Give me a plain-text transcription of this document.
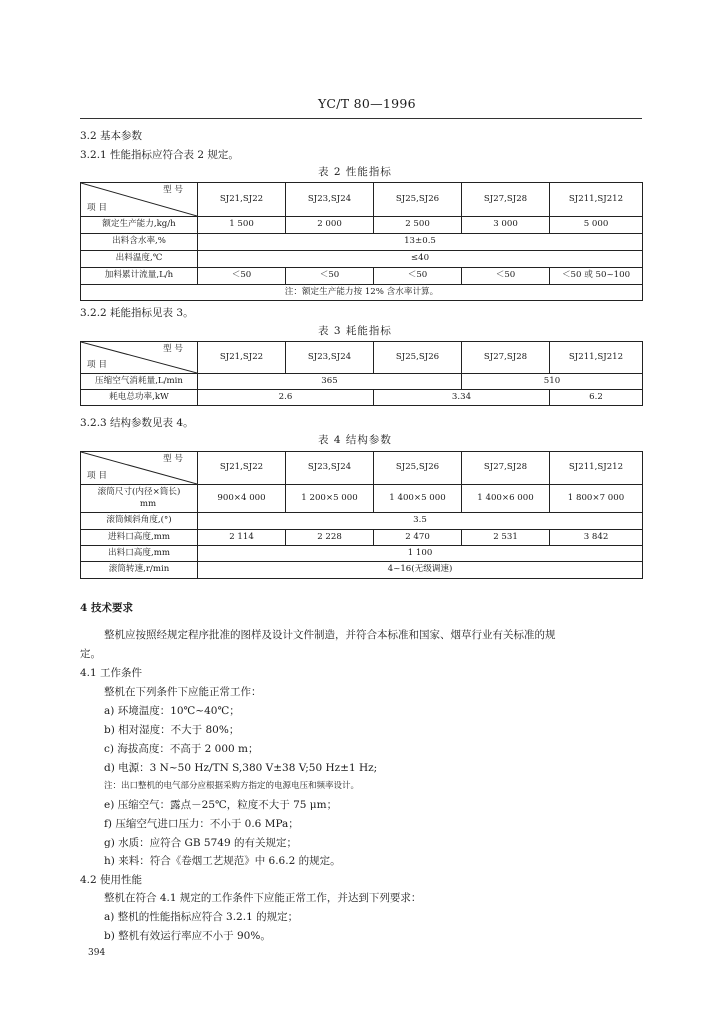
YC/T 80—1996
3.2 基本参数
3.2.1 性能指标应符合表 2 规定。
表 2 性能指标
型 号
项 目	SJ21,SJ22	SJ23,SJ24	SJ25,SJ26	SJ27,SJ28	SJ211,SJ212
额定生产能力,kg/h	1 500	2 000	2 500	3 000	5 000
出料含水率,%	13±0.5				
出料温度,℃	≤40				
加料累计流量,L/h	＜50	＜50	＜50	＜50	＜50 或 50~100
注：额定生产能力按 12% 含水率计算。					
3.2.2 耗能指标见表 3。
表 3 耗能指标
型 号
项 目	SJ21,SJ22	SJ23,SJ24	SJ25,SJ26	SJ27,SJ28	SJ211,SJ212
压缩空气消耗量,L/min	365			510	
耗电总功率,kW	2.6		3.34		6.2
3.2.3 结构参数见表 4。
表 4 结构参数
型 号
项 目	SJ21,SJ22	SJ23,SJ24	SJ25,SJ26	SJ27,SJ28	SJ211,SJ212

滚筒尺寸(内径×筒长)
mm	900×4 000	1 200×5 000	1 400×5 000	1 400×6 000	1 800×7 000
滚筒倾斜角度,(°)	3.5				
进料口高度,mm	2 114	2 228	2 470	2 531	3 842
出料口高度,mm	1 100				
滚筒转速,r/min	4~16(无级调速)				
4 技术要求
整机应按照经规定程序批准的图样及设计文件制造，并符合本标准和国家、烟草行业有关标准的规
定。
4.1 工作条件
整机在下列条件下应能正常工作：
a) 环境温度：10℃~40℃；
b) 相对湿度：不大于 80%；
c) 海拔高度：不高于 2 000 m；
d) 电源：3 N~50 Hz/TN S,380 V±38 V;50 Hz±1 Hz;
注：出口整机的电气部分应根据采购方指定的电源电压和频率设计。
e) 压缩空气：露点－25℃，粒度不大于 75 μm；
f) 压缩空气进口压力：不小于 0.6 MPa；
g) 水质：应符合 GB 5749 的有关规定；
h) 来料：符合《卷烟工艺规范》中 6.6.2 的规定。
4.2 使用性能
整机在符合 4.1 规定的工作条件下应能正常工作，并达到下列要求：
a) 整机的性能指标应符合 3.2.1 的规定；
b) 整机有效运行率应不小于 90%。
394
